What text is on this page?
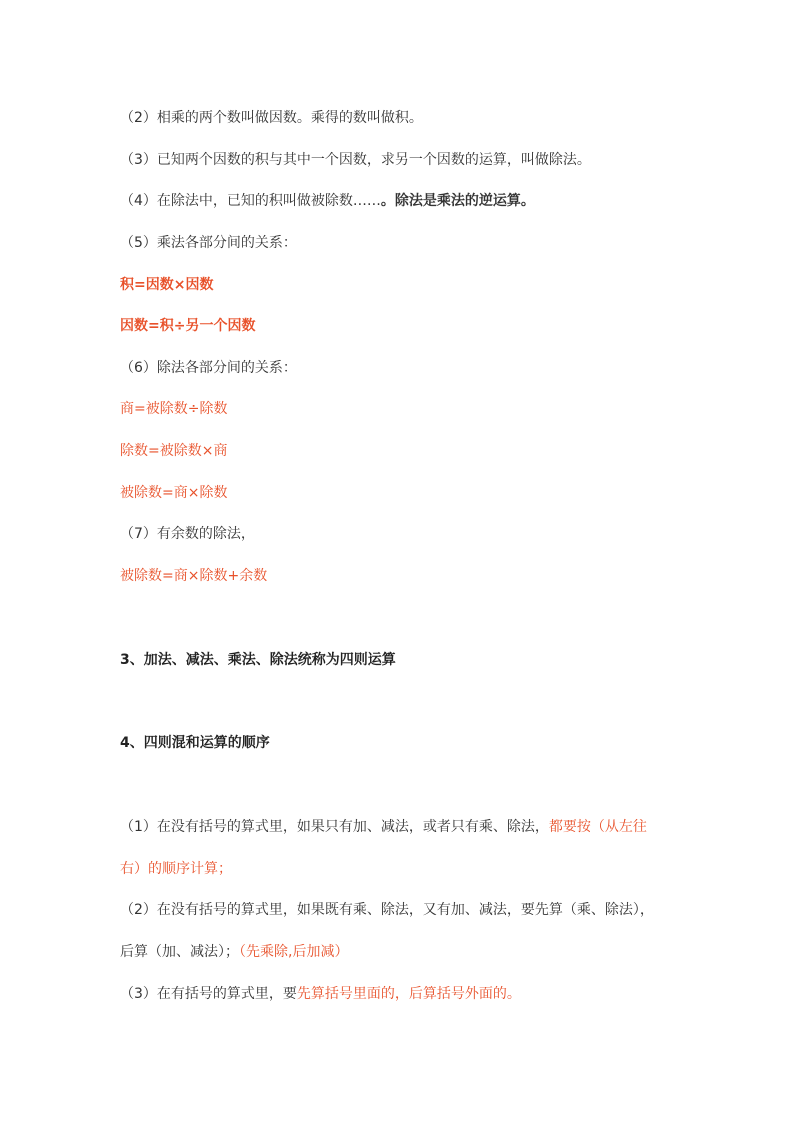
（2）相乘的两个数叫做因数。乘得的数叫做积。
（3）已知两个因数的积与其中一个因数，求另一个因数的运算，叫做除法。
（4）在除法中，已知的积叫做被除数……。除法是乘法的逆运算。
（5）乘法各部分间的关系：
积=因数×因数
因数=积÷另一个因数
（6）除法各部分间的关系：
商=被除数÷除数
除数=被除数×商
被除数=商×除数
（7）有余数的除法，
被除数=商×除数+余数
3、加法、减法、乘法、除法统称为四则运算
4、四则混和运算的顺序
（1）在没有括号的算式里，如果只有加、减法，或者只有乘、除法，都要按（从左往
右）的顺序计算；
（2）在没有括号的算式里，如果既有乘、除法，又有加、减法，要先算（乘、除法），
后算（加、减法）；（先乘除,后加减）
（3）在有括号的算式里，要先算括号里面的，后算括号外面的。
